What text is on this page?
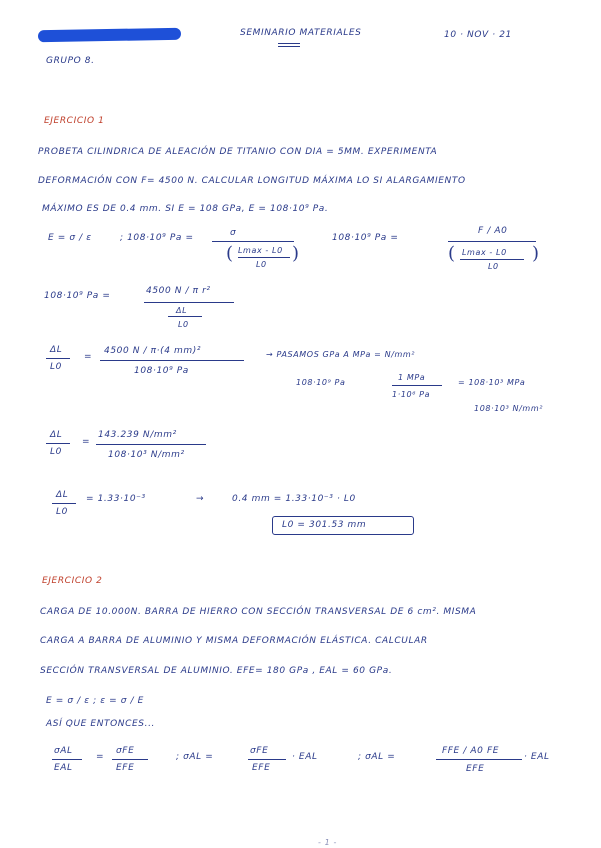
SEMINARIO MATERIALES	10 · NOV · 21
GRUPO 8.
EJERCICIO 1
PROBETA CILINDRICA DE ALEACIÓN DE TITANIO CON DIA = 5MM. EXPERIMENTA
DEFORMACIÓN CON F= 4500 N. CALCULAR LONGITUD MÁXIMA LO SI ALARGAMIENTO
MÁXIMO ES DE 0.4 mm. SI E = 108 GPa, E = 108·10⁹ Pa.
E = σ / ε	; 108·10⁹ Pa =	σ
( Lmax - L0
L0
)
108·10⁹ Pa =
F / A0
( Lmax - L0
L0
)
108·10⁹ Pa =	4500 N / π r²
ΔL
L0
ΔL
L0
=
4500 N / π·(4 mm)²
108·10⁹ Pa
→ PASAMOS GPa A MPa = N/mm²
108·10⁹ Pa
1 MPa
1·10⁶ Pa
= 108·10³ MPa
108·10³ N/mm²
ΔL
L0
=
143.239 N/mm²
108·10³ N/mm²
ΔL
L0
= 1.33·10⁻³	→	0.4 mm = 1.33·10⁻³ · L0
L0 = 301.53 mm
EJERCICIO 2
CARGA DE 10.000N. BARRA DE HIERRO CON SECCIÓN TRANSVERSAL DE 6 cm². MISMA
CARGA A BARRA DE ALUMINIO Y MISMA DEFORMACIÓN ELÁSTICA. CALCULAR
SECCIÓN TRANSVERSAL DE ALUMINIO. EFE= 180 GPa , EAL = 60 GPa.
E = σ / ε ; ε = σ / E
ASÍ QUE ENTONCES...
σAL
EAL
=
σFE
EFE
; σAL =
σFE
EFE
· EAL	; σAL =
FFE / A0 FE
EFE
· EAL
- 1 -
